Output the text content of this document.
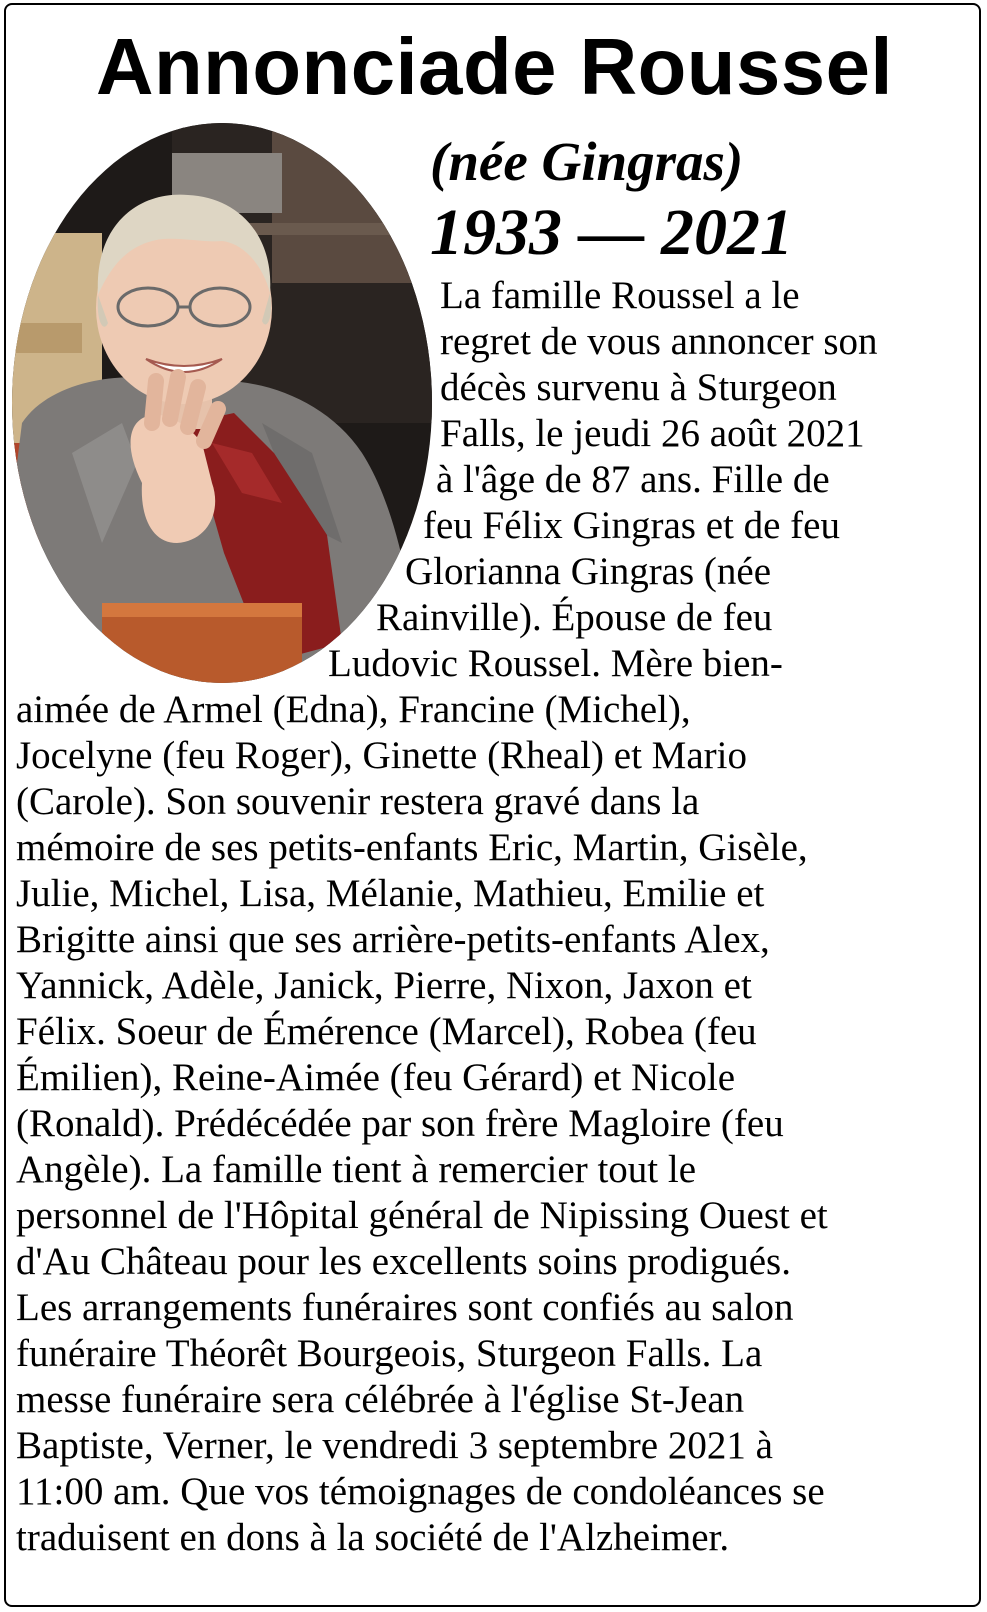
Annonciade Roussel
(née Gingras)
1933 — 2021
La famille Roussel a le
regret de vous annoncer son
décès survenu à Sturgeon
Falls, le jeudi 26 août 2021
à l'âge de 87 ans. Fille de
feu Félix Gingras et de feu
Glorianna Gingras (née
Rainville). Épouse de feu
Ludovic Roussel. Mère bien-
aimée de Armel (Edna), Francine (Michel),
Jocelyne (feu Roger), Ginette (Rheal) et Mario
(Carole). Son souvenir restera gravé dans la
mémoire de ses petits-enfants Eric, Martin, Gisèle,
Julie, Michel, Lisa, Mélanie, Mathieu, Emilie et
Brigitte ainsi que ses arrière-petits-enfants Alex,
Yannick, Adèle, Janick, Pierre, Nixon, Jaxon et
Félix. Soeur de Émérence (Marcel), Robea (feu
Émilien), Reine-Aimée (feu Gérard) et Nicole
(Ronald). Prédécédée par son frère Magloire (feu
Angèle). La famille tient à remercier tout le
personnel de l'Hôpital général de Nipissing Ouest et
d'Au Château pour les excellents soins prodigués.
Les arrangements funéraires sont confiés au salon
funéraire Théorêt Bourgeois, Sturgeon Falls. La
messe funéraire sera célébrée à l'église St-Jean
Baptiste, Verner, le vendredi 3 septembre 2021 à
11:00 am. Que vos témoignages de condoléances se
traduisent en dons à la société de l'Alzheimer.
